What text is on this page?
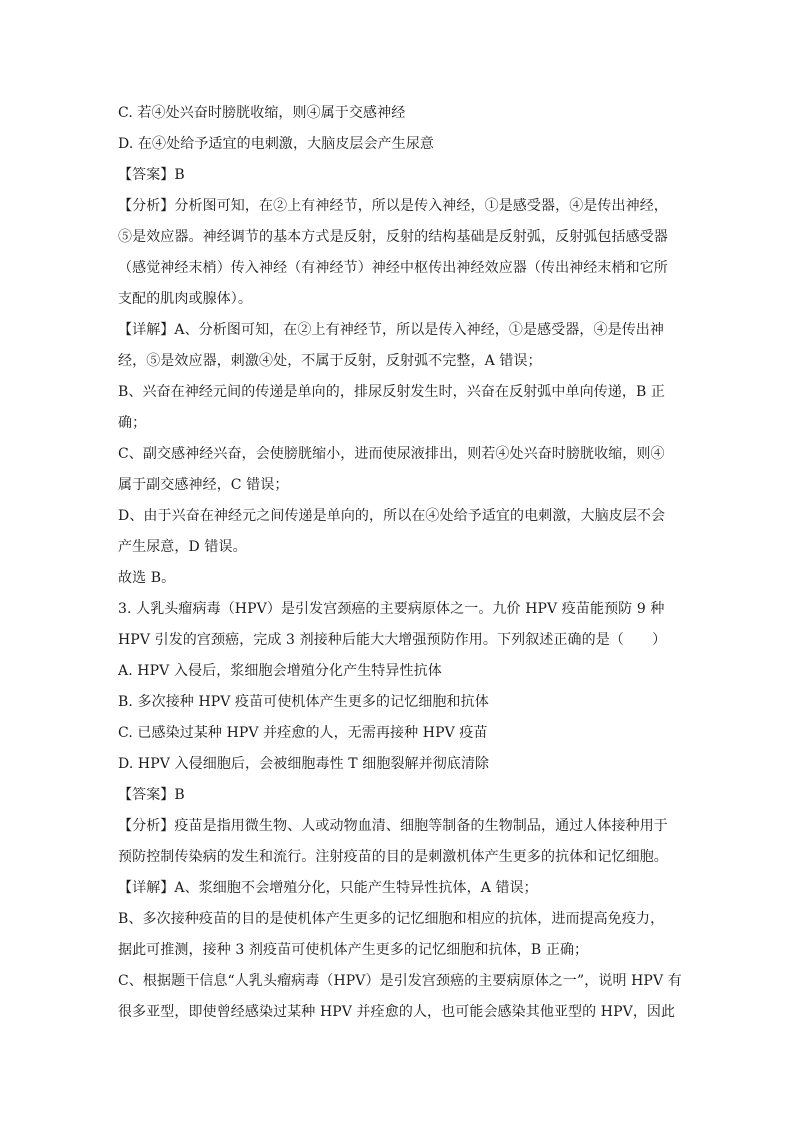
C. 若④处兴奋时膀胱收缩，则④属于交感神经
D. 在④处给予适宜的电刺激，大脑皮层会产生尿意
【答案】B
【分析】分析图可知，在②上有神经节，所以是传入神经，①是感受器，④是传出神经，
⑤是效应器。神经调节的基本方式是反射，反射的结构基础是反射弧，反射弧包括感受器
（感觉神经末梢）传入神经（有神经节）神经中枢传出神经效应器（传出神经末梢和它所
支配的肌肉或腺体）。
【详解】A、分析图可知，在②上有神经节，所以是传入神经，①是感受器，④是传出神
经，⑤是效应器，刺激④处，不属于反射，反射弧不完整，A 错误；
B、兴奋在神经元间的传递是单向的，排尿反射发生时，兴奋在反射弧中单向传递，B 正
确；
C、副交感神经兴奋，会使膀胱缩小，进而使尿液排出，则若④处兴奋时膀胱收缩，则④
属于副交感神经，C 错误；
D、由于兴奋在神经元之间传递是单向的，所以在④处给予适宜的电刺激，大脑皮层不会
产生尿意，D 错误。
故选 B。
3. 人乳头瘤病毒（HPV）是引发宫颈癌的主要病原体之一。九价 HPV 疫苗能预防 9 种
HPV 引发的宫颈癌，完成 3 剂接种后能大大增强预防作用。下列叙述正确的是（　　）
A. HPV 入侵后，浆细胞会增殖分化产生特异性抗体
B. 多次接种 HPV 疫苗可使机体产生更多的记忆细胞和抗体
C. 已感染过某种 HPV 并痊愈的人，无需再接种 HPV 疫苗
D. HPV 入侵细胞后，会被细胞毒性 T 细胞裂解并彻底清除
【答案】B
【分析】疫苗是指用微生物、人或动物血清、细胞等制备的生物制品，通过人体接种用于
预防控制传染病的发生和流行。注射疫苗的目的是刺激机体产生更多的抗体和记忆细胞。
【详解】A、浆细胞不会增殖分化，只能产生特异性抗体，A 错误；
B、多次接种疫苗的目的是使机体产生更多的记忆细胞和相应的抗体，进而提高免疫力，
据此可推测，接种 3 剂疫苗可使机体产生更多的记忆细胞和抗体，B 正确；
C、根据题干信息“人乳头瘤病毒（HPV）是引发宫颈癌的主要病原体之一”，说明 HPV 有
很多亚型，即使曾经感染过某种 HPV 并痊愈的人，也可能会感染其他亚型的 HPV，因此
